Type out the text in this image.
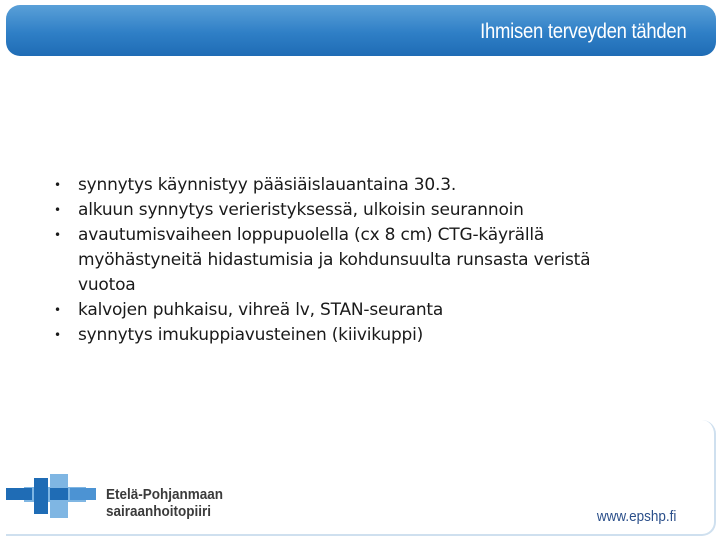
Ihmisen terveyden tähden
• synnytys käynnistyy pääsiäislauantaina 30.3.
• alkuun synnytys verieristyksessä, ulkoisin seurannoin
• avautumisvaiheen loppupuolella (cx 8 cm) CTG-käyrällä
myöhästyneitä hidastumisia ja kohdunsuulta runsasta veristä
vuotoa
• kalvojen puhkaisu, vihreä lv, STAN-seuranta
• synnytys imukuppiavusteinen (kiivikuppi)
Etelä-Pohjanmaan
sairaanhoitopiiri	www.epshp.fi
